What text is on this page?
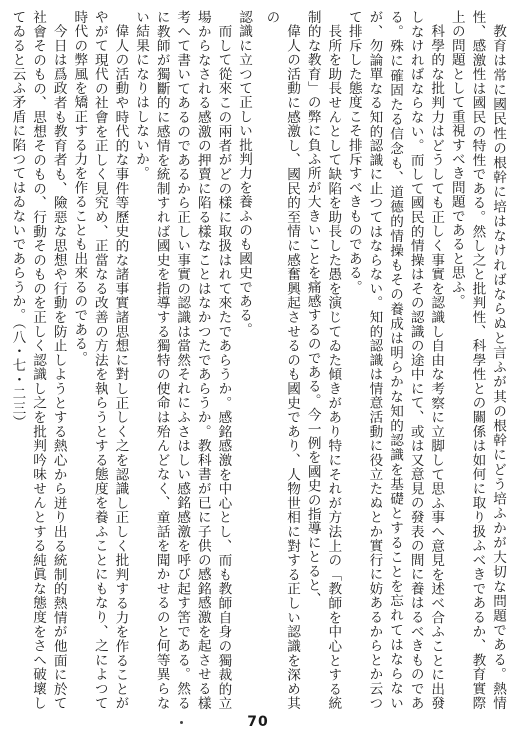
教育は常に國民性の根幹に培はなければならぬと言ふが其の根幹にどう培ふかが大切な問題である。熱情性、感激性は國民の特性である。然し之と批判性、科學性との關係は如何に取り扱ふべきであるか、教育實際上の問題として重視すべき問題であると思ふ。

科學的な批判力はどうしても正しく事實を認識し自由な考察に立脚して思ふ事へ意見を述べ合ふことに出發しなければならない。而して國民的情操はその認識の途中にて、或は又意見の發表の間に養はるべきものである。殊に確固たる信念も、道德的情操もその養成は明らかな知的認識を基礎とすることを忘れてはならないが、勿論單なる知的認識に止つてはならない。知的認識は情意活動に役立たぬとか實行に妨あるからとか云つて排斥した態度こそ排斥すべきものである。

長所を助長せんとして缺陷を助長した愚を演じてゐた傾きがあり特にそれが方法上の「教師を中心とする統制的な教育」の弊に負ふ所が大きいことを痛感するのである。今一例を國史の指導にとると、

偉人の活動に感激し、國民的至情に感奮興起させるのも國史であり、人物世相に對する正しい認識を深め其の

認識に立つて正しい批判力を養ふのも國史である。

而して從來この兩者がどの樣に取扱はれて來たであらうか。感銘感激を中心とし、而も教師自身の獨裁的立場からなされる感激の押賣に陷る樣なことはなかつたであらうか。教科書が已に子供の感銘感激を起させる樣考へて書いてあるのであるから正しい事實の認識は當然それにふさはしい感銘感激を呼び起す筈である。然るに教師が獨斷的に感情を統制すれば國史を指導する獨特の使命は殆んどなく、童話を聞かせるのと何等異らない結果になりはしないか。

偉人の活動や時代的な事件等歷史的な諸事實諸思想に對し正しく之を認識し正しく批判する力を作ることがやがて現代の社會を正しく見究め、正當なる改善の方法を執らうとする態度を養ふことにもなり、之によつて時代の弊風を矯正する力を作ることも出來るのである。

今日は爲政者も教育者も、險惡な思想や行動を防止しようとする熱心から迸り出る統制的熱情が他面に於て社會そのもの、思想そのもの、行動そのものを正しく認識し之を批判吟味せんとする純眞な態度をさへ破壞してゐると云ふ矛盾に陷つてはゐないであらうか。（八・七・二三）

70
